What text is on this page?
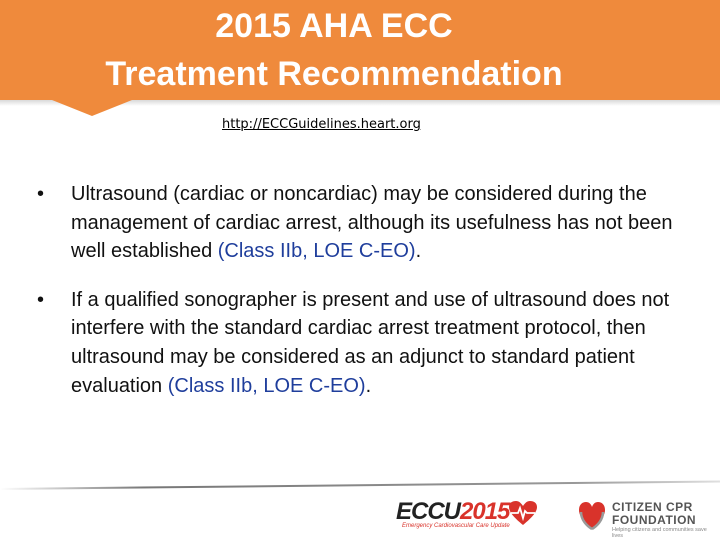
2015 AHA ECC
Treatment Recommendation
http://ECCGuidelines.heart.org
• Ultrasound (cardiac or noncardiac) may be considered during the management of cardiac arrest, although its usefulness has not been well established (Class IIb, LOE C-EO).
• If a qualified sonographer is present and use of ultrasound does not interfere with the standard cardiac arrest treatment protocol, then ultrasound may be considered as an adjunct to standard patient evaluation (Class IIb, LOE C-EO).
ECCU2015
Emergency Cardiovascular Care Update
CITIZEN CPR
FOUNDATION
Helping citizens and communities save lives
